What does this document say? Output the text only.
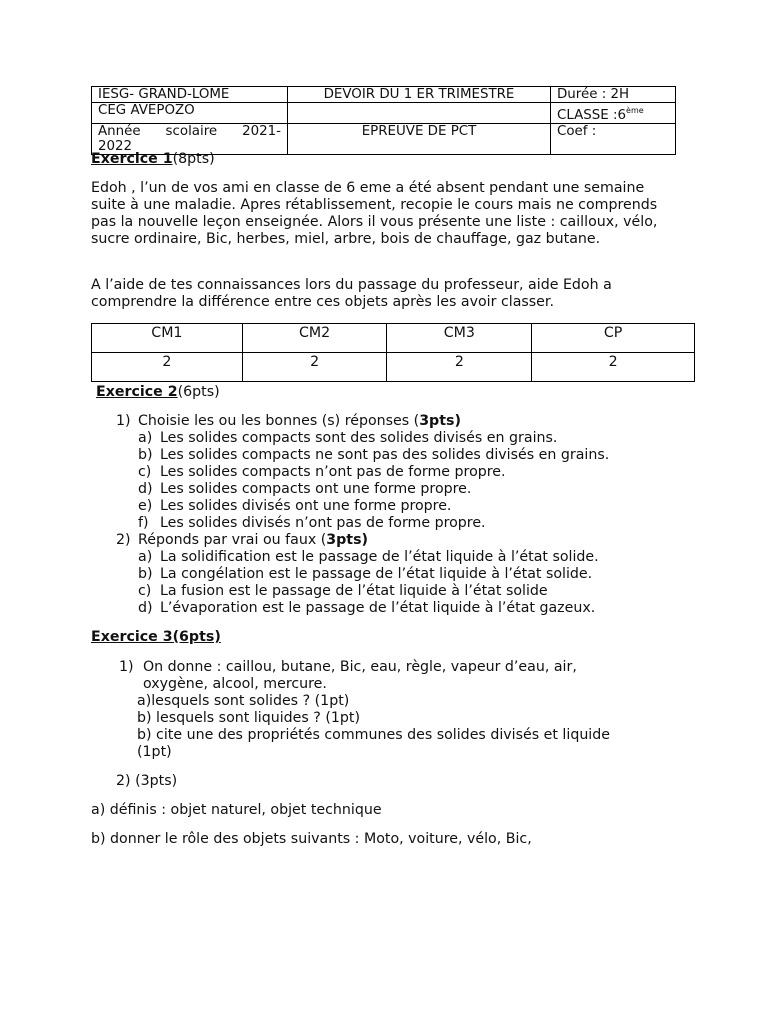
IESG- GRAND-LOME	DEVOIR DU 1 ER TRIMESTRE	Durée : 2H
CEG AVEPOZO		CLASSE :6ème

Année scolaire 2021-
2022	EPREUVE DE PCT	Coef :
Exercice 1(8pts)

Edoh , l’un de vos ami en classe de 6 eme a été absent pendant une semaine suite à une maladie. Apres rétablissement, recopie le cours mais ne comprends pas la nouvelle leçon enseignée. Alors il vous présente une liste : cailloux, vélo, sucre ordinaire, Bic, herbes, miel, arbre, bois de chauffage, gaz butane.

A l’aide de tes connaissances lors du passage du professeur, aide Edoh a comprendre la différence entre ces objets après les avoir classer.

CM1	CM2	CM3	CP
2	2	2	2
Exercice 2(6pts)
1) Choisie les ou les bonnes (s) réponses (3pts)
a) Les solides compacts sont des solides divisés en grains.
b) Les solides compacts ne sont pas des solides divisés en grains.
c) Les solides compacts n’ont pas de forme propre.
d) Les solides compacts ont une forme propre.
e) Les solides divisés ont une forme propre.
f) Les solides divisés n’ont pas de forme propre.
2) Réponds par vrai ou faux (3pts)
a) La solidification est le passage de l’état liquide à l’état solide.
b) La congélation est le passage de l’état liquide à l’état solide.
c) La fusion est le passage de l’état liquide à l’état solide
d) L’évaporation est le passage de l’état liquide à l’état gazeux.
Exercice 3(6pts)
1) On donne : caillou, butane, Bic, eau, règle, vapeur d’eau, air,
oxygène, alcool, mercure.
a)lesquels sont solides ? (1pt)
b) lesquels sont liquides ? (1pt)
b) cite une des propriétés communes des solides divisés et liquide
(1pt)
2) (3pts)
a) définis : objet naturel, objet technique
b) donner le rôle des objets suivants : Moto, voiture, vélo, Bic,
